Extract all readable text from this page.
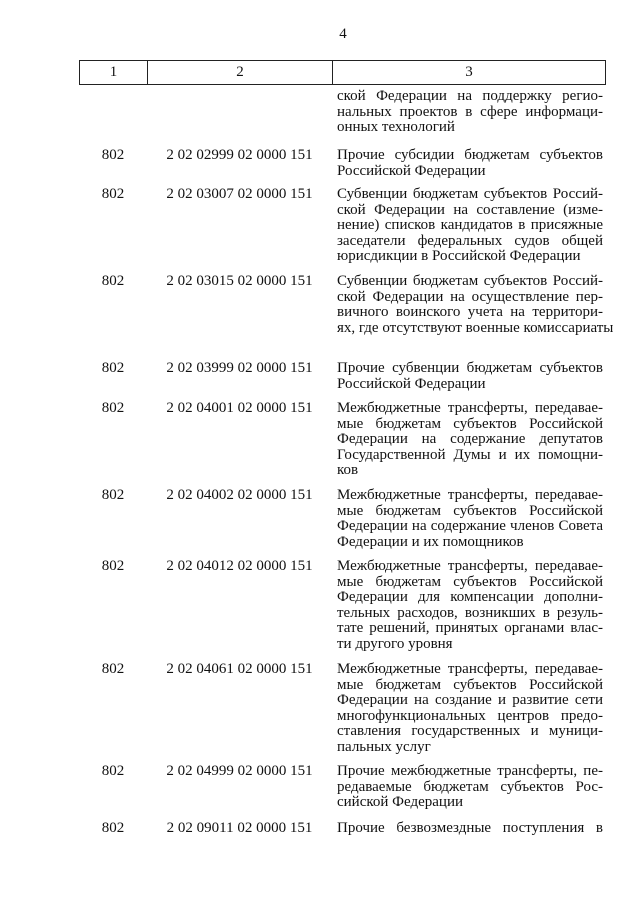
4
1	2	3
ской Федерации на поддержку регио-
нальных проектов в сфере информаци-
онных технологий
802	2 02 02999 02 0000 151	Прочие субсидии бюджетам субъектов
Российской Федерации
802	2 02 03007 02 0000 151	Субвенции бюджетам субъектов Россий-
ской Федерации на составление (изме-
нение) списков кандидатов в присяжные
заседатели федеральных судов общей
юрисдикции в Российской Федерации
802	2 02 03015 02 0000 151	Субвенции бюджетам субъектов Россий-
ской Федерации на осуществление пер-
вичного воинского учета на территори-
ях, где отсутствуют военные комиссариаты
802	2 02 03999 02 0000 151	Прочие субвенции бюджетам субъектов
Российской Федерации
802	2 02 04001 02 0000 151	Межбюджетные трансферты, передавае-
мые бюджетам субъектов Российской
Федерации на содержание депутатов
Государственной Думы и их помощни-
ков
802	2 02 04002 02 0000 151	Межбюджетные трансферты, передавае-
мые бюджетам субъектов Российской
Федерации на содержание членов Совета
Федерации и их помощников
802	2 02 04012 02 0000 151	Межбюджетные трансферты, передавае-
мые бюджетам субъектов Российской
Федерации для компенсации дополни-
тельных расходов, возникших в резуль-
тате решений, принятых органами влас-
ти другого уровня
802	2 02 04061 02 0000 151	Межбюджетные трансферты, передавае-
мые бюджетам субъектов Российской
Федерации на создание и развитие сети
многофункциональных центров предо-
ставления государственных и муници-
пальных услуг
802	2 02 04999 02 0000 151	Прочие межбюджетные трансферты, пе-
редаваемые бюджетам субъектов Рос-
сийской Федерации
802	2 02 09011 02 0000 151	Прочие безвозмездные поступления в
